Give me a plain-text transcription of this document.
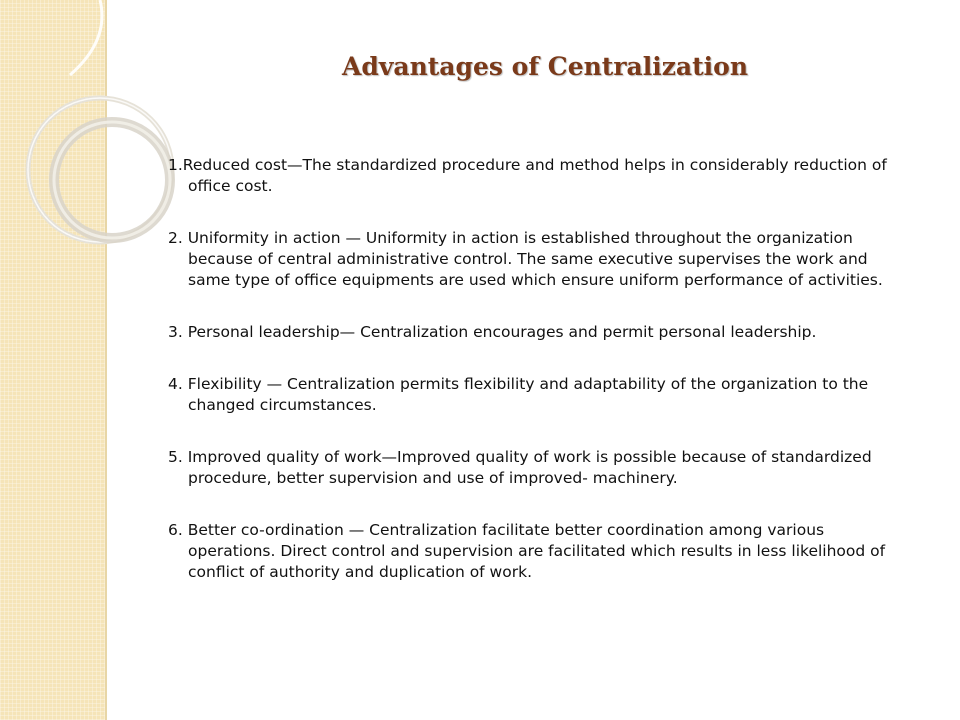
Advantages of Centralization

1.Reduced cost—The standardized procedure and method helps in considerably reduction of office cost.

2. Uniformity in action — Uniformity in action is established throughout the organization because of central administrative control. The same executive supervises the work and same type of office equipments are used which ensure uniform performance of activities.

3. Personal leadership— Centralization encourages and permit personal leadership.

4. Flexibility — Centralization permits flexibility and adaptability of the organization to the changed circumstances.

5. Improved quality of work—Improved quality of work is possible because of standardized procedure, better supervision and use of improved- machinery.

6. Better co-ordination — Centralization facilitate better coordination among various operations. Direct control and supervision are facilitated which results in less likelihood of conflict of authority and duplication of work.
